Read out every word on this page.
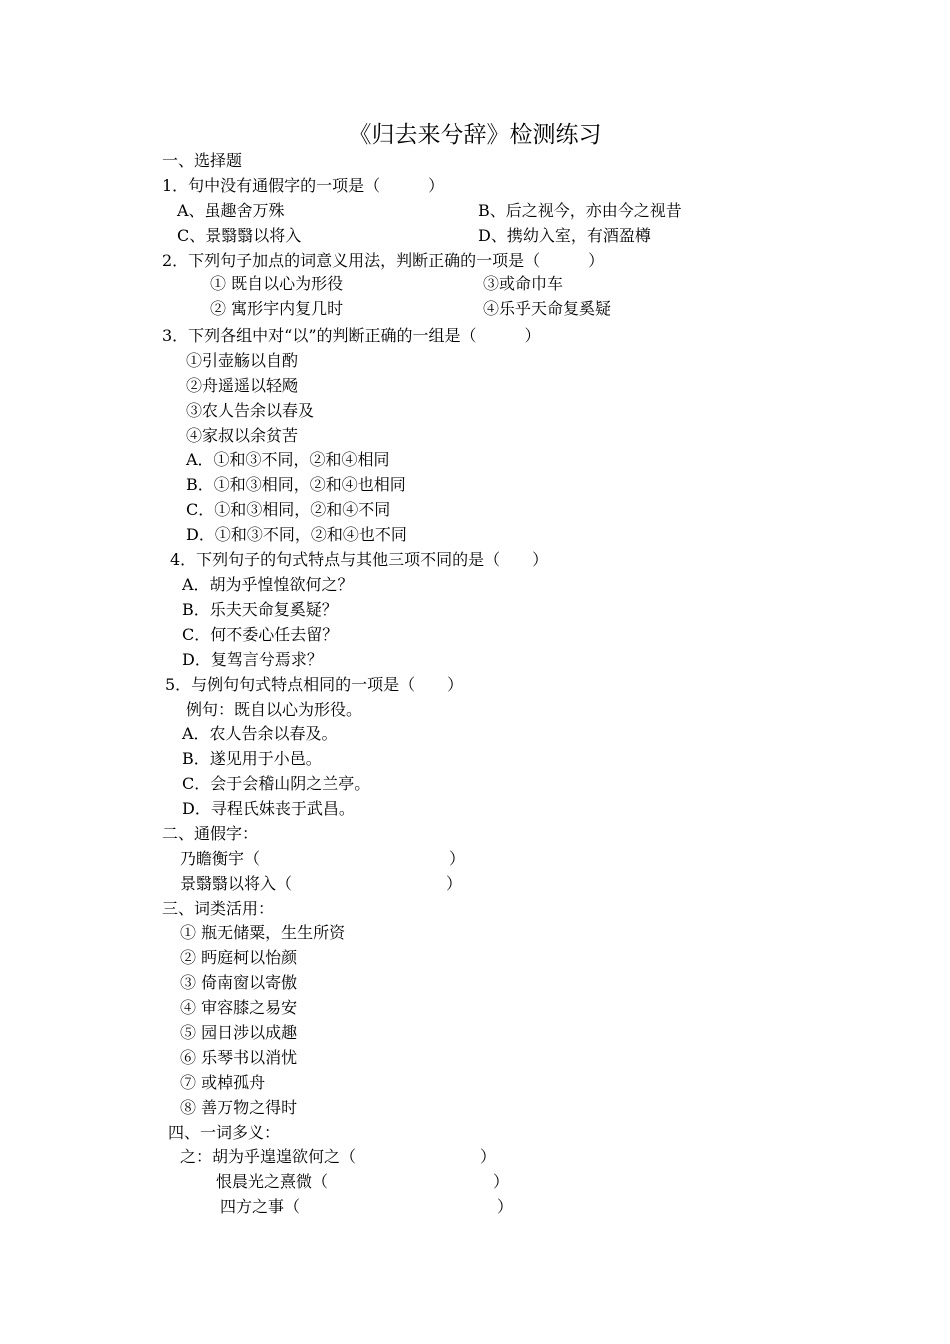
《归去来兮辞》检测练习
一、选择题
1．句中没有通假字的一项是（　　　）
A、虽趣舍万殊	B、后之视今，亦由今之视昔
C、景翳翳以将入	D、携幼入室，有酒盈樽
2．下列句子加点的词意义用法，判断正确的一项是（　　　）
① 既自以心为形役	③或命巾车
② 寓形宇内复几时	④乐乎天命复奚疑
3．下列各组中对“以”的判断正确的一组是（　　　）
①引壶觞以自酌
②舟遥遥以轻飏
③农人告余以春及
④家叔以余贫苦
A．①和③不同，②和④相同
B．①和③相同，②和④也相同
C．①和③相同，②和④不同
D．①和③不同，②和④也不同
4．下列句子的句式特点与其他三项不同的是（　　）
A．胡为乎惶惶欲何之？
B．乐夫天命复奚疑？
C．何不委心任去留？
D．复驾言兮焉求？
5．与例句句式特点相同的一项是（　　）
例句：既自以心为形役。
A．农人告余以春及。
B．遂见用于小邑。
C．会于会稽山阴之兰亭。
D．寻程氏妹丧于武昌。
二、通假字：
乃瞻衡宇（	）
景翳翳以将入（	）
三、词类活用：
① 瓶无储粟，生生所资
② 眄庭柯以怡颜
③ 倚南窗以寄傲
④ 审容膝之易安
⑤ 园日涉以成趣
⑥ 乐琴书以消忧
⑦ 或棹孤舟
⑧ 善万物之得时
四、一词多义：
之：胡为乎遑遑欲何之（	）
恨晨光之熹微（	）
四方之事（	）
